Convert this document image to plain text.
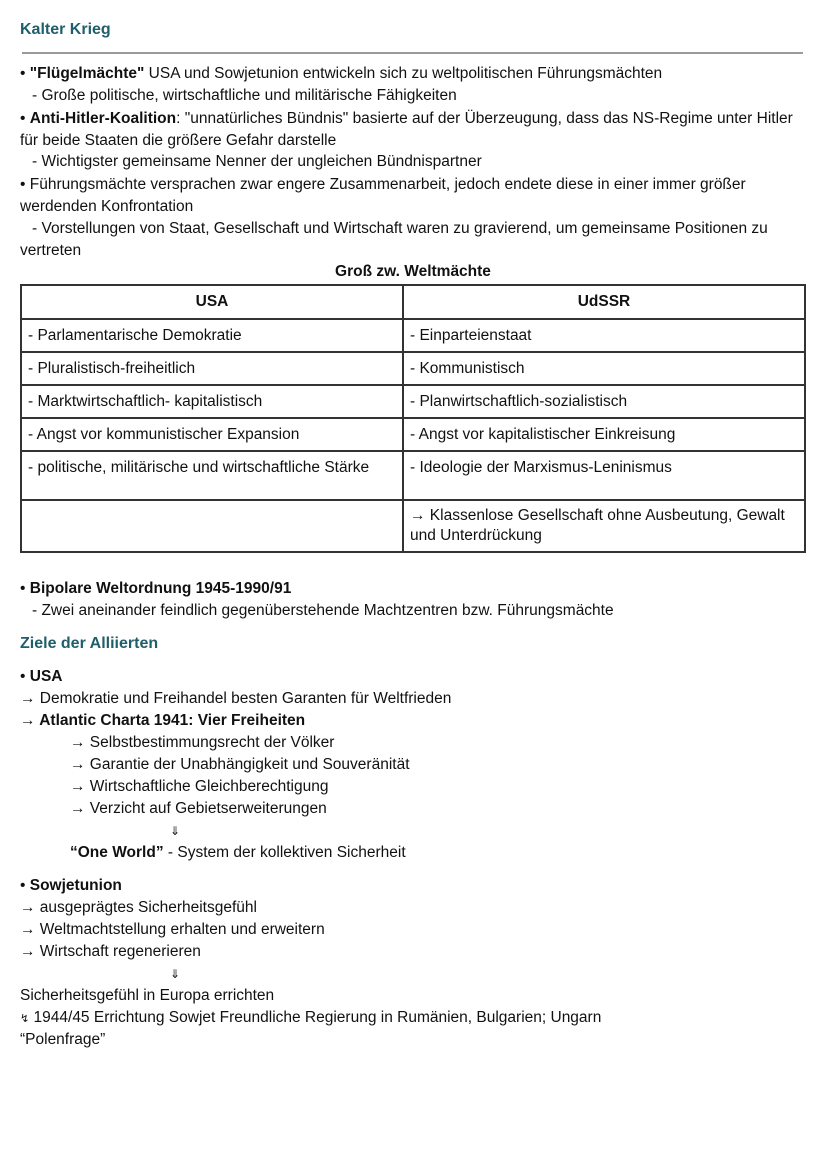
Kalter Krieg
• "Flügelmächte" USA und Sowjetunion entwickeln sich zu weltpolitischen Führungsmächten
- Große politische, wirtschaftliche und militärische Fähigkeiten
• Anti-Hitler-Koalition: "unnatürliches Bündnis" basierte auf der Überzeugung, dass das NS-Regime unter Hitler für beide Staaten die größere Gefahr darstelle
- Wichtigster gemeinsame Nenner der ungleichen Bündnispartner
• Führungsmächte versprachen zwar engere Zusammenarbeit, jedoch endete diese in einer immer größer werdenden Konfrontation
- Vorstellungen von Staat, Gesellschaft und Wirtschaft waren zu gravierend, um gemeinsame Positionen zu vertreten
Groß zw. Weltmächte
USA	UdSSR
- Parlamentarische Demokratie	- Einparteienstaat
- Pluralistisch-freiheitlich	- Kommunistisch
- Marktwirtschaftlich- kapitalistisch	- Planwirtschaftlich-sozialistisch
- Angst vor kommunistischer Expansion	- Angst vor kapitalistischer Einkreisung
- politische, militärische und wirtschaftliche Stärke	- Ideologie der Marxismus-Leninismus
	→ Klassenlose Gesellschaft ohne Ausbeutung, Gewalt und Unterdrückung
• Bipolare Weltordnung 1945-1990/91
- Zwei aneinander feindlich gegenüberstehende Machtzentren bzw. Führungsmächte
Ziele der Alliierten
• USA
→ Demokratie und Freihandel besten Garanten für Weltfrieden
→ Atlantic Charta 1941: Vier Freiheiten
→ Selbstbestimmungsrecht der Völker
→ Garantie der Unabhängigkeit und Souveränität
→ Wirtschaftliche Gleichberechtigung
→ Verzicht auf Gebietserweiterungen
⇓
“One World” - System der kollektiven Sicherheit
• Sowjetunion
→ ausgeprägtes Sicherheitsgefühl
→ Weltmachtstellung erhalten und erweitern
→ Wirtschaft regenerieren
⇓
Sicherheitsgefühl in Europa errichten
↯ 1944/45 Errichtung Sowjet Freundliche Regierung in Rumänien, Bulgarien; Ungarn
“Polenfrage”
